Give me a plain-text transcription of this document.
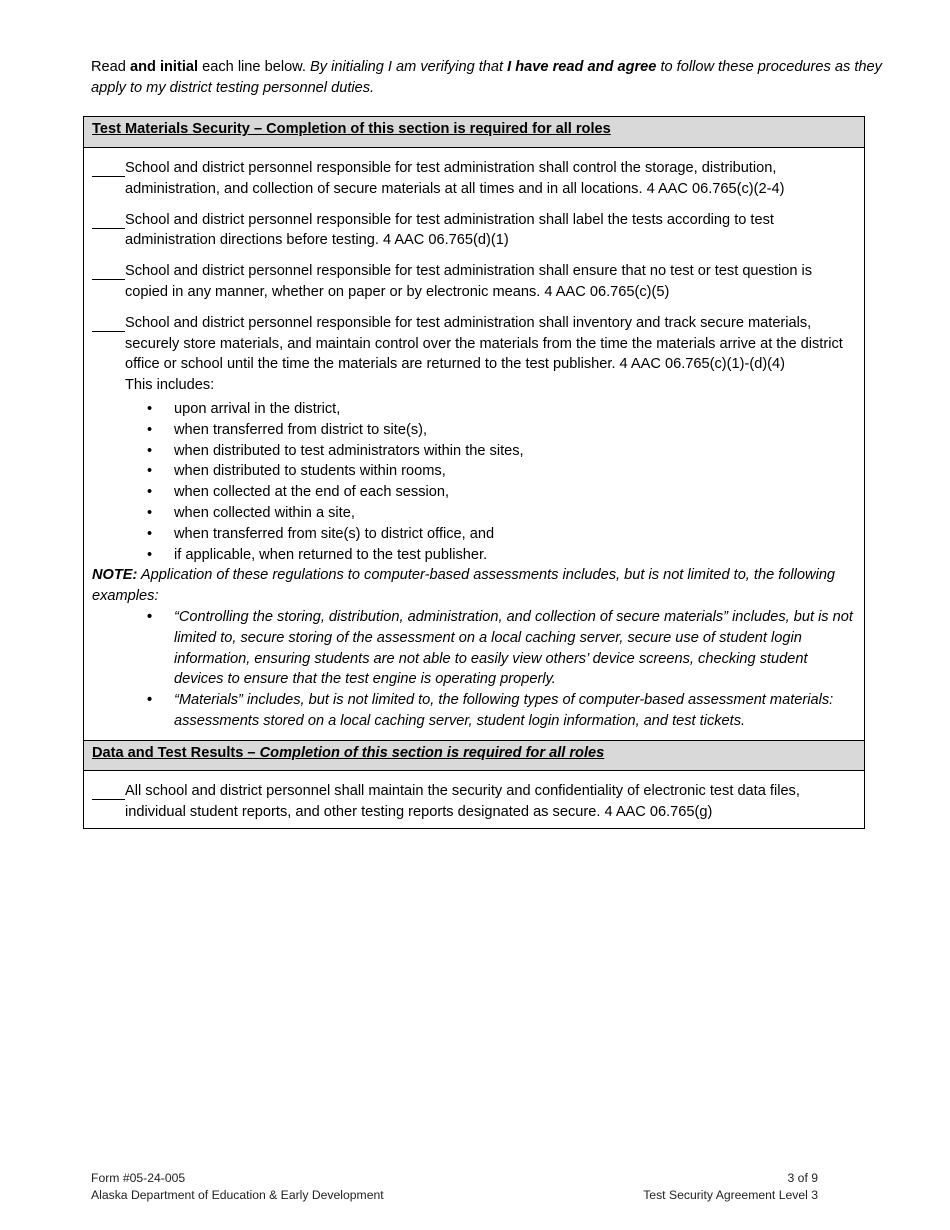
Read and initial each line below. By initialing I am verifying that I have read and agree to follow these procedures as they apply to my district testing personnel duties.
Test Materials Security – Completion of this section is required for all roles
School and district personnel responsible for test administration shall control the storage, distribution, administration, and collection of secure materials at all times and in all locations. 4 AAC 06.765(c)(2-4)
School and district personnel responsible for test administration shall label the tests according to test administration directions before testing. 4 AAC 06.765(d)(1)
School and district personnel responsible for test administration shall ensure that no test or test question is copied in any manner, whether on paper or by electronic means. 4 AAC 06.765(c)(5)
School and district personnel responsible for test administration shall inventory and track secure materials, securely store materials, and maintain control over the materials from the time the materials arrive at the district office or school until the time the materials are returned to the test publisher. 4 AAC 06.765(c)(1)-(d)(4)
This includes:
•	upon arrival in the district,
•	when transferred from district to site(s),
•	when distributed to test administrators within the sites,
•	when distributed to students within rooms,
•	when collected at the end of each session,
•	when collected within a site,
•	when transferred from site(s) to district office, and
•	if applicable, when returned to the test publisher.
NOTE: Application of these regulations to computer-based assessments includes, but is not limited to, the following examples:
•	“Controlling the storing, distribution, administration, and collection of secure materials” includes, but is not limited to, secure storing of the assessment on a local caching server, secure use of student login information, ensuring students are not able to easily view others’ device screens, checking student devices to ensure that the test engine is operating properly.
•	“Materials” includes, but is not limited to, the following types of computer-based assessment materials: assessments stored on a local caching server, student login information, and test tickets.
Data and Test Results – Completion of this section is required for all roles
All school and district personnel shall maintain the security and confidentiality of electronic test data files, individual student reports, and other testing reports designated as secure. 4 AAC 06.765(g)
Form #05-24-005
Alaska Department of Education & Early Development
3 of 9
Test Security Agreement Level 3
